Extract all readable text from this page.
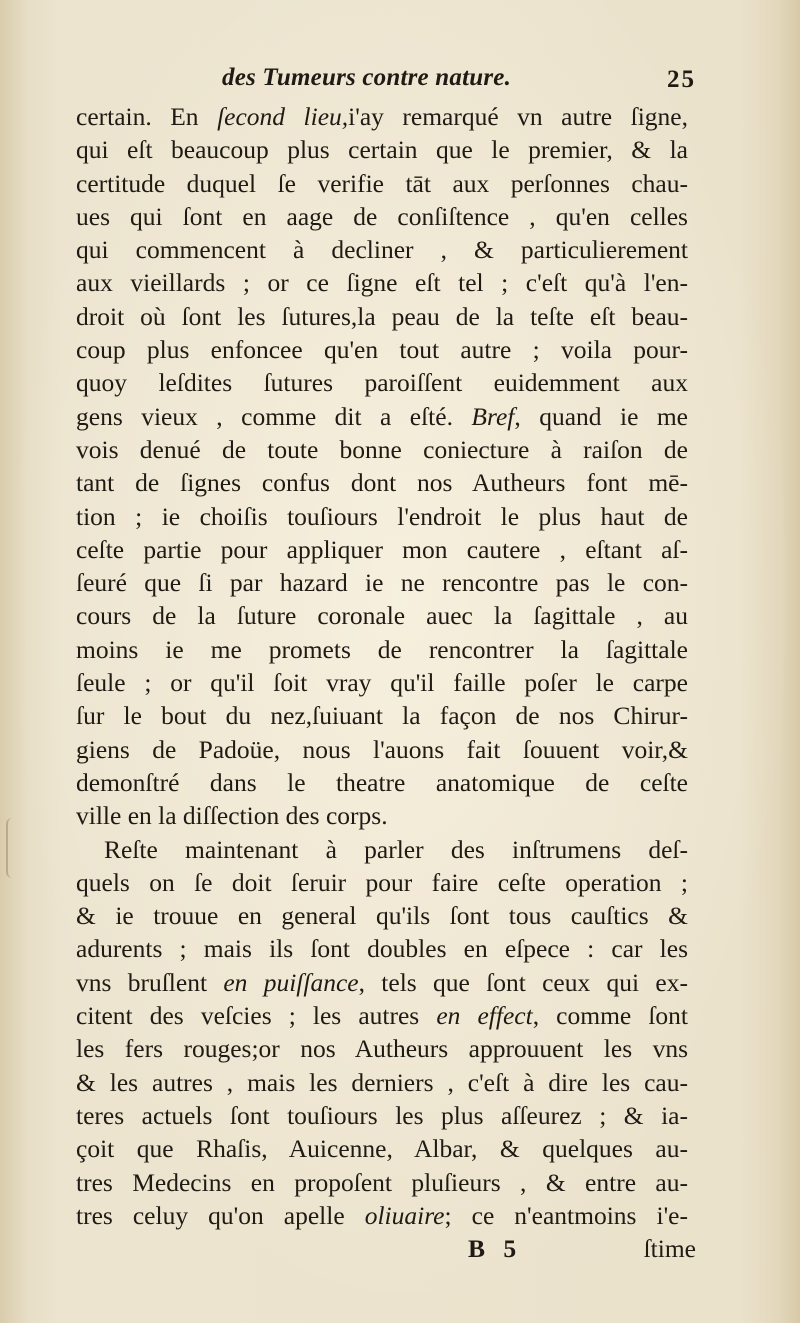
des Tumeurs contre nature.	25
certain. En ſecond lieu,i'ay remarqué vn autre ſigne,
qui eſt beaucoup plus certain que le premier, & la
certitude duquel ſe verifie tāt aux perſonnes chau-
ues qui ſont en aage de conſiſtence , qu'en celles
qui commencent à decliner , & particulierement
aux vieillards ; or ce ſigne eſt tel ; c'eſt qu'à l'en-
droit où ſont les ſutures,la peau de la teſte eſt beau-
coup plus enfoncee qu'en tout autre ; voila pour-
quoy leſdites ſutures paroiſſent euidemment aux
gens vieux , comme dit a eſté. Bref, quand ie me
vois denué de toute bonne coniecture à raiſon de
tant de ſignes confus dont nos Autheurs font mē-
tion ; ie choiſis touſiours l'endroit le plus haut de
ceſte partie pour appliquer mon cautere , eſtant aſ-
ſeuré que ſi par hazard ie ne rencontre pas le con-
cours de la ſuture coronale auec la ſagittale , au
moins ie me promets de rencontrer la ſagittale
ſeule ; or qu'il ſoit vray qu'il faille poſer le carpe
ſur le bout du nez,ſuiuant la façon de nos Chirur-
giens de Padoüe, nous l'auons fait ſouuent voir,&
demonſtré dans le theatre anatomique de ceſte
ville en la diſſection des corps.
Reſte maintenant à parler des inſtrumens deſ-
quels on ſe doit ſeruir pour faire ceſte operation ;
& ie trouue en general qu'ils ſont tous cauſtics &
adurents ; mais ils ſont doubles en eſpece : car les
vns bruſlent en puiſſance, tels que ſont ceux qui ex-
citent des veſcies ; les autres en effect, comme ſont
les fers rouges;or nos Autheurs approuuent les vns
& les autres , mais les derniers , c'eſt à dire les cau-
teres actuels ſont touſiours les plus aſſeurez ; & ia-
çoit que Rhaſis, Auicenne, Albar, & quelques au-
tres Medecins en propoſent pluſieurs , & entre au-
tres celuy qu'on apelle oliuaire; ce n'eantmoins i'e-
B 5	ſtime
